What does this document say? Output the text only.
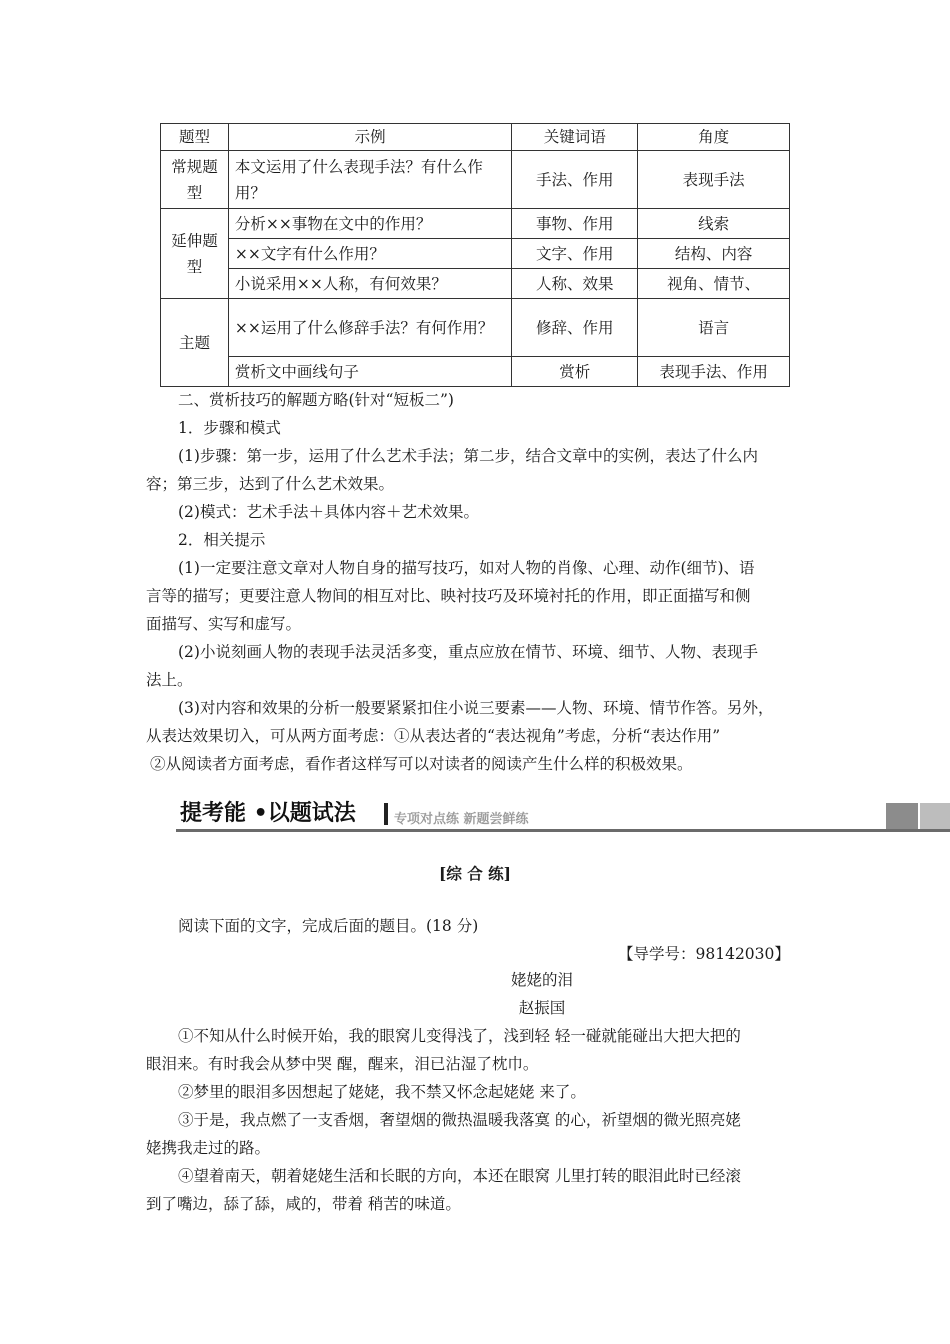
题型	示例	关键词语	角度
常规题型	本文运用了什么表现手法？有什么作用？	手法、作用	表现手法
延伸题型	分析××事物在文中的作用？	事物、作用	线索
	××文字有什么作用？	文字、作用	结构、内容
	小说采用××人称，有何效果？	人称、效果	视角、情节、
主题	××运用了什么修辞手法？有何作用？	修辞、作用	语言
	赏析文中画线句子	赏析	表现手法、作用
二、赏析技巧的解题方略(针对“短板二”)
1．步骤和模式
(1)步骤：第一步，运用了什么艺术手法；第二步，结合文章中的实例，表达了什么内
容；第三步，达到了什么艺术效果。
(2)模式：艺术手法＋具体内容＋艺术效果。
2．相关提示
(1)一定要注意文章对人物自身的描写技巧，如对人物的肖像、心理、动作(细节)、语
言等的描写；更要注意人物间的相互对比、映衬技巧及环境衬托的作用，即正面描写和侧
面描写、实写和虚写。
(2)小说刻画人物的表现手法灵活多变，重点应放在情节、环境、细节、人物、表现手
法上。
(3)对内容和效果的分析一般要紧紧扣住小说三要素——人物、环境、情节作答。另外，
从表达效果切入，可从两方面考虑：①从表达者的“表达视角”考虑，分析“表达作用”
②从阅读者方面考虑，看作者这样写可以对读者的阅读产生什么样的积极效果。
提考能 •以题试法	专项对点练 新题尝鲜练
[综 合 练]
阅读下面的文字，完成后面的题目。(18 分)
【导学号：98142030】
姥姥的泪
赵振国
①不知从什么时候开始，我的眼窝儿变得浅了，浅到轻 轻一碰就能碰出大把大把的
眼泪来。有时我会从梦中哭 醒，醒来，泪已沾湿了枕巾。
②梦里的眼泪多因想起了姥姥，我不禁又怀念起姥姥 来了。
③于是，我点燃了一支香烟，奢望烟的微热温暖我落寞 的心，祈望烟的微光照亮姥
姥携我走过的路。
④望着南天，朝着姥姥生活和长眠的方向，本还在眼窝 儿里打转的眼泪此时已经滚
到了嘴边，舔了舔，咸的，带着 稍苦的味道。
